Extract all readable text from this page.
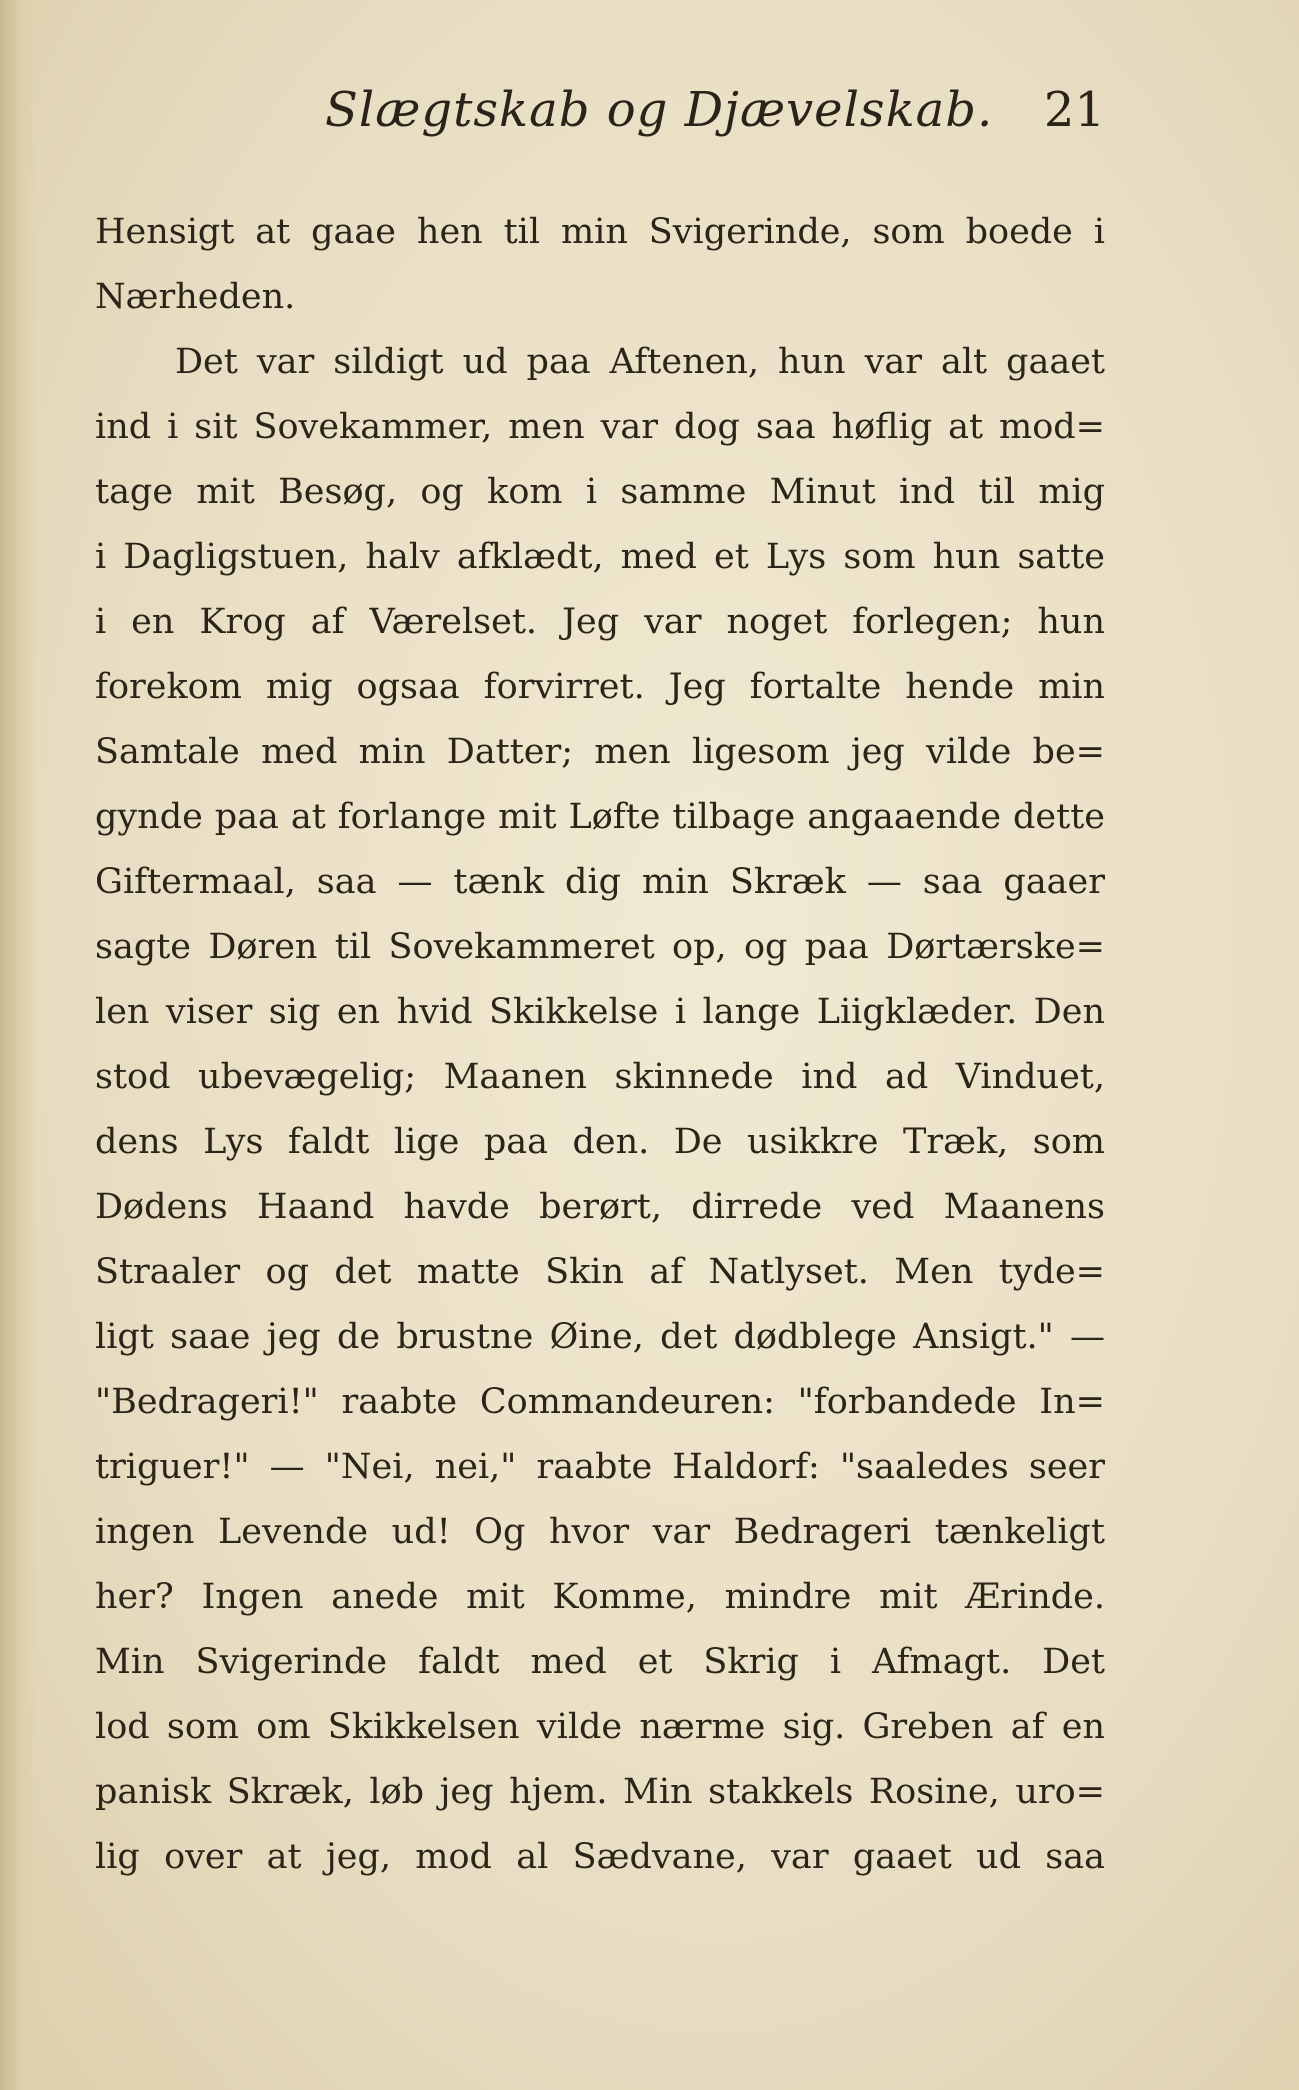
Slægtskab og Djævelskab. 21
Hensigt at gaae hen til min Svigerinde, som boede i
Nærheden.
Det var sildigt ud paa Aftenen, hun var alt gaaet
ind i sit Sovekammer, men var dog saa høflig at mod=
tage mit Besøg, og kom i samme Minut ind til mig
i Dagligstuen, halv afklædt, med et Lys som hun satte
i en Krog af Værelset. Jeg var noget forlegen; hun
forekom mig ogsaa forvirret. Jeg fortalte hende min
Samtale med min Datter; men ligesom jeg vilde be=
gynde paa at forlange mit Løfte tilbage angaaende dette
Giftermaal, saa — tænk dig min Skræk — saa gaaer
sagte Døren til Sovekammeret op, og paa Dørtærske=
len viser sig en hvid Skikkelse i lange Liigklæder. Den
stod ubevægelig; Maanen skinnede ind ad Vinduet,
dens Lys faldt lige paa den. De usikkre Træk, som
Dødens Haand havde berørt, dirrede ved Maanens
Straaler og det matte Skin af Natlyset. Men tyde=
ligt saae jeg de brustne Øine, det dødblege Ansigt." —
"Bedrageri!" raabte Commandeuren: "forbandede In=
triguer!" — "Nei, nei," raabte Haldorf: "saaledes seer
ingen Levende ud! Og hvor var Bedrageri tænkeligt
her? Ingen anede mit Komme, mindre mit Ærinde.
Min Svigerinde faldt med et Skrig i Afmagt. Det
lod som om Skikkelsen vilde nærme sig. Greben af en
panisk Skræk, løb jeg hjem. Min stakkels Rosine, uro=
lig over at jeg, mod al Sædvane, var gaaet ud saa
